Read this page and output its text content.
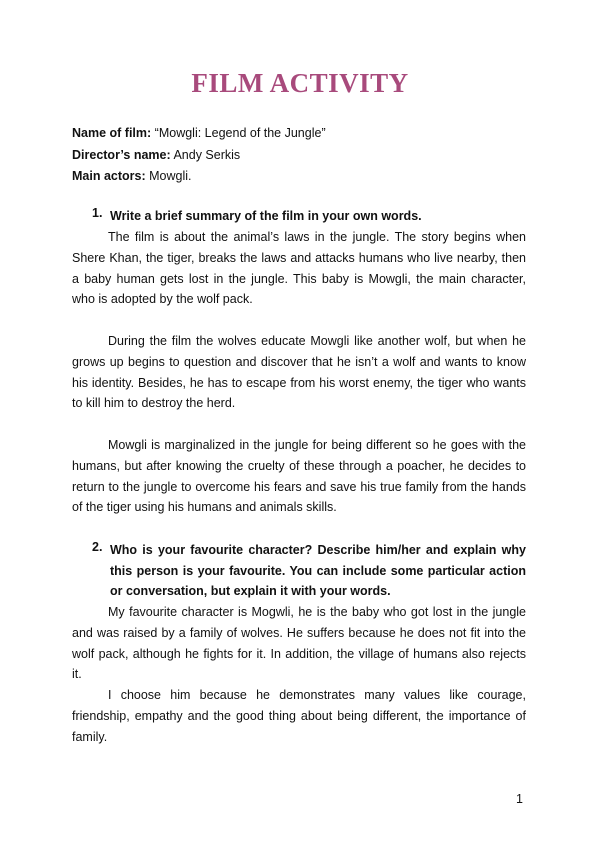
FILM ACTIVITY
Name of film: “Mowgli: Legend of the Jungle”
Director’s name: Andy Serkis
Main actors: Mowgli.
1. Write a brief summary of the film in your own words.
The film is about the animal’s laws in the jungle. The story begins when Shere Khan, the tiger, breaks the laws and attacks humans who live nearby, then a baby human gets lost in the jungle. This baby is Mowgli, the main character, who is adopted by the wolf pack.
During the film the wolves educate Mowgli like another wolf, but when he grows up begins to question and discover that he isn’t a wolf and wants to know his identity. Besides, he has to escape from his worst enemy, the tiger who wants to kill him to destroy the herd.
Mowgli is marginalized in the jungle for being different so he goes with the humans, but after knowing the cruelty of these through a poacher, he decides to return to the jungle to overcome his fears and save his true family from the hands of the tiger using his humans and animals skills.
2. Who is your favourite character? Describe him/her and explain why this person is your favourite. You can include some particular action or conversation, but explain it with your words.
My favourite character is Mogwli, he is the baby who got lost in the jungle and was raised by a family of wolves. He suffers because he does not fit into the wolf pack, although he fights for it. In addition, the village of humans also rejects it.
I choose him because he demonstrates many values like courage, friendship, empathy and the good thing about being different, the importance of family.
1
